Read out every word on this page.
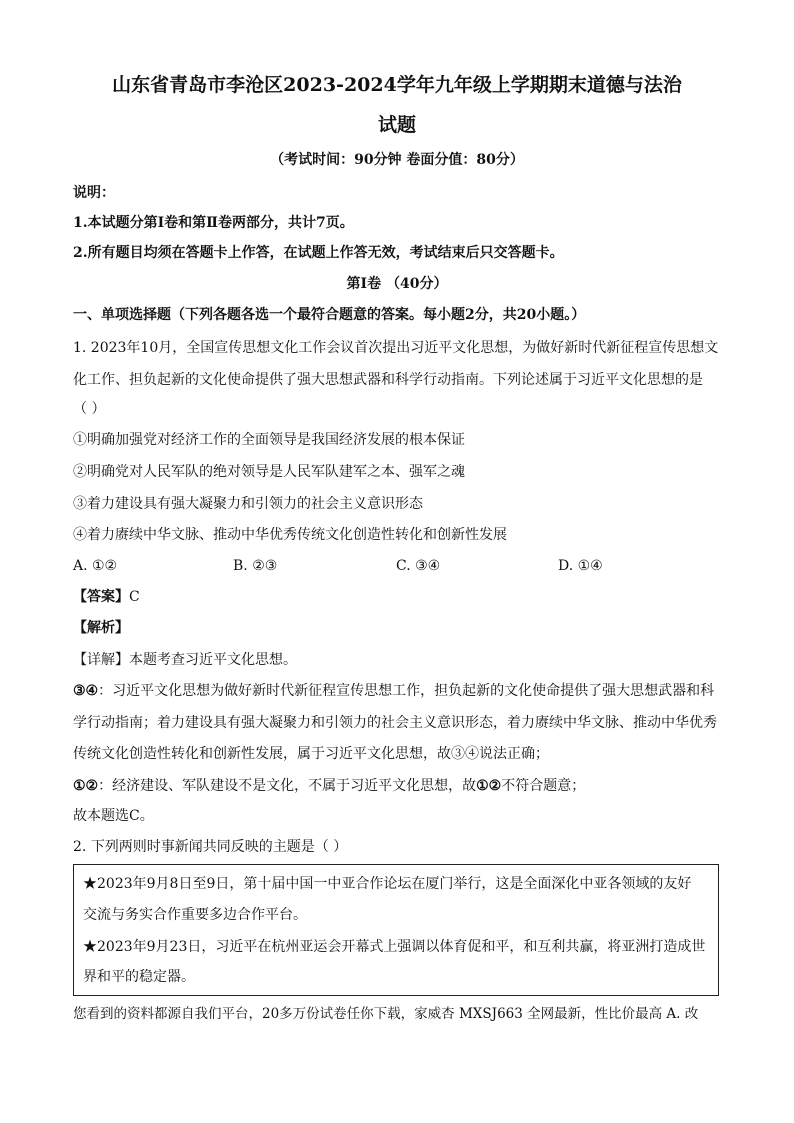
山东省青岛市李沧区2023-2024学年九年级上学期期末道德与法治
试题
（考试时间：90分钟 卷面分值：80分）
说明：
1.本试题分第Ⅰ卷和第Ⅱ卷两部分，共计7页。
2.所有题目均须在答题卡上作答，在试题上作答无效，考试结束后只交答题卡。
第Ⅰ卷 （40分）
一、单项选择题（下列各题各选一个最符合题意的答案。每小题2分，共20小题。）
1. 2023年10月，全国宣传思想文化工作会议首次提出习近平文化思想，为做好新时代新征程宣传思想文
化工作、担负起新的文化使命提供了强大思想武器和科学行动指南。下列论述属于习近平文化思想的是
（ ）
①明确加强党对经济工作的全面领导是我国经济发展的根本保证
②明确党对人民军队的绝对领导是人民军队建军之本、强军之魂
③着力建设具有强大凝聚力和引领力的社会主义意识形态
④着力赓续中华文脉、推动中华优秀传统文化创造性转化和创新性发展
A. ①②	B. ②③	C. ③④	D. ①④
【答案】C
【解析】
【详解】本题考查习近平文化思想。
③④：习近平文化思想为做好新时代新征程宣传思想工作，担负起新的文化使命提供了强大思想武器和科
学行动指南；着力建设具有强大凝聚力和引领力的社会主义意识形态，着力赓续中华文脉、推动中华优秀
传统文化创造性转化和创新性发展，属于习近平文化思想，故③④说法正确；
①②：经济建设、军队建设不是文化，不属于习近平文化思想，故①②不符合题意；
故本题选C。
2. 下列两则时事新闻共同反映的主题是（ ）
★2023年9月8日至9日，第十届中国一中亚合作论坛在厦门举行，这是全面深化中亚各领域的友好
交流与务实合作重要多边合作平台。
★2023年9月23日，习近平在杭州亚运会开幕式上强调以体育促和平，和互利共赢，将亚洲打造成世
界和平的稳定器。
您看到的资料都源自我们平台，20多万份试卷任你下载，家威杏 MXSJ663 全网最新，性比价最高 A. 改
